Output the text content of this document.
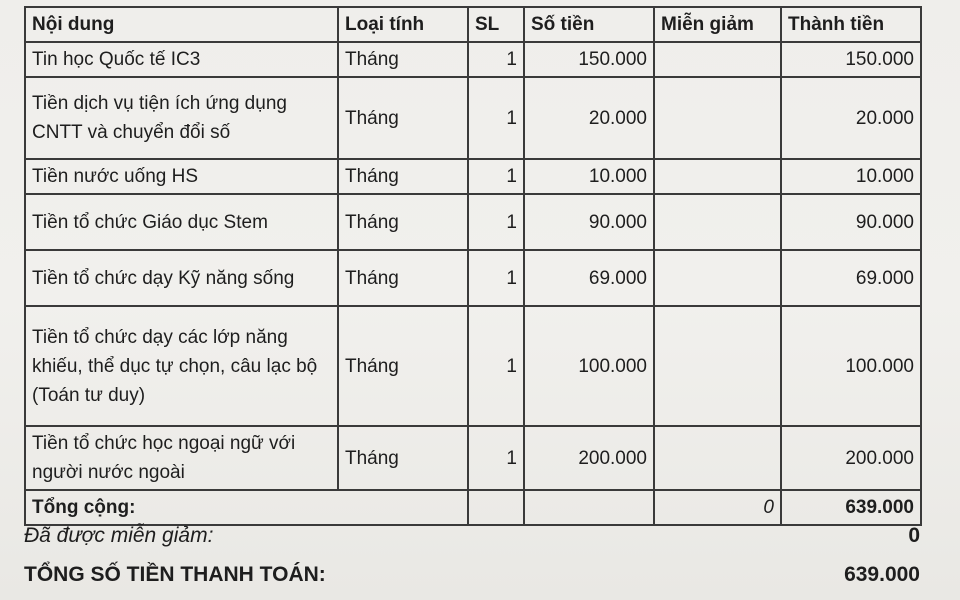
Nội dung	Loại tính	SL	Số tiền	Miễn giảm	Thành tiền
Tin học Quốc tế IC3	Tháng	1	150.000		150.000
Tiền dịch vụ tiện ích ứng dụng CNTT và chuyển đổi số	Tháng	1	20.000		20.000
Tiền nước uống HS	Tháng	1	10.000		10.000
Tiền tổ chức Giáo dục Stem	Tháng	1	90.000		90.000
Tiền tổ chức dạy Kỹ năng sống	Tháng	1	69.000		69.000
Tiền tổ chức dạy các lớp năng khiếu, thể dục tự chọn, câu lạc bộ (Toán tư duy)	Tháng	1	100.000		100.000
Tiền tổ chức học ngoại ngữ với người nước ngoài	Tháng	1	200.000		200.000
Tổng cộng:				0	639.000
Đã được miễn giảm:	0
TỔNG SỐ TIỀN THANH TOÁN:	639.000
